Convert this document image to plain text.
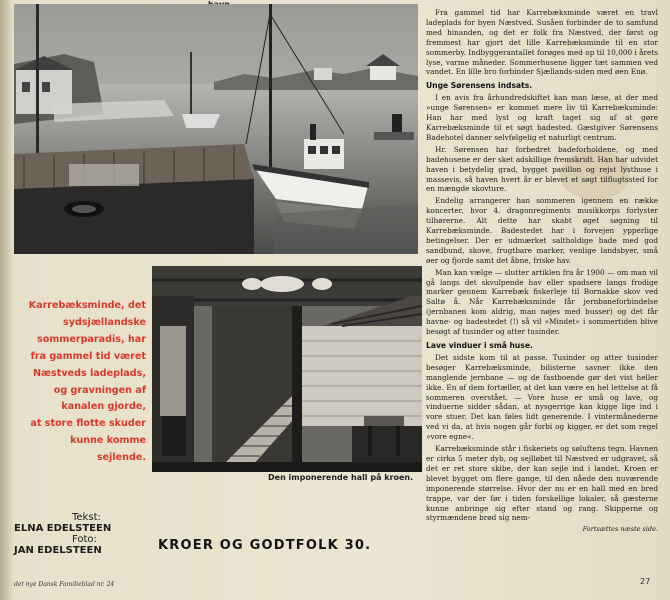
Den imponerende hall på kroen.
Karrebæksminde, det
sydsjællandske
sommerparadis, har
fra gammel tid været
Næstveds ladeplads,
og gravningen af
kanalen gjorde,
at store flotte skuder
kunne komme
sejlende.
Tekst:
ELNA EDELSTEEN
Foto:
JAN EDELSTEEN	KROER OG GODTFOLK 30.
det nye Dansk Familieblad nr. 24	27

Fra gammel tid har Karrebæksminde været en travl ladeplads for byen Næstved. Susåen forbinder de to samfund med hinanden, og det er folk fra Næstved, der først og fremmest har gjort det lille Karrebæksminde til en stor sommerby. Indbyggerantallet forøges med op til 10,000 i årets lyse, varme måneder. Sommerhusene ligger tæt sammen ved vandet. En lille bro forbinder Sjællands-siden med øen Enø.

Unge Sørensens indsats.

I en avis fra århundredskiftet kan man læse, at der med »unge Sørensen« er kommet mere liv til Karrebæksminde: Han har med lyst og kraft taget sig af at gøre Karrebæksminde til et søgt badested. Gæstgiver Sørensens Badehotel danner selvfølgelig et naturligt centrum.

Hr. Sørensen har forbedret badeforholdene, og med badehusene er der sket adskillige fremskridt. Han har udvidet haven i betydelig grad, bygget pavillon og rejst lysthuse i massevis, så haven hvert år er blevet et søgt tilflugtssted for en mængde skovture.

Endelig arrangerer han sommeren igennem en række koncerter, hvor 4. dragonregiments musikkorps forlyster tilhørerne. Alt dette har skabt øget søgning til Karrebæksminde. Badestedet har i forvejen ypperlige betingelser. Der er udmærket saltholdige bade med god sandbund, skove, frugtbare marker, venlige landsbyer, små øer og fjorde samt det åbne, friske hav.

Man kan vælge — slutter artiklen fra år 1900 — om man vil gå langs det skvulpende hav eller spadsere langs frodige marker gennem Karrebæk fiskerleje til Bornakke skov ved Saltø å. Når Karrebæksminde får jernbaneforbindelse (jernbanen kom aldrig, man nøjes med busser) og det får havne- og badestedet (!) så vil »Mindet« i sommertiden blive besøgt af tusinder og atter tusinder.

Lave vinduer i små huse.

Det sidste kom til at passe. Tusinder og atter tusinder besøger Karrebæksminde, bilisterne savner ikke den manglende jernbane — og de fastboende gør det vist heller ikke. En af dem fortæller, at det kan være en hel lettelse at få sommeren overstået. — Vore huse er små og lave, og vinduerne sidder sådan, at nysgerrige kan kigge lige ind i vore stuer. Det kan føles lidt generende. I vintermånederne ved vi da, at hvis nogen går forbi og kigger, er det som regel »vore egne«.

Karrebæksminde står i fiskeriets og søluftens tegn. Havnen er cirka 5 meter dyb, og sejlløbet til Næstved er udgravet, så det er ret store skibe, der kan sejle ind i landet. Kroen er blevet bygget om flere gange, til den nåede den nuværende imponerende størrelse. Hvor der nu er en hall med en bred trappe, var der før i tiden forskellige lokaler, så gæsterne kunne anbringe sig efter stand og rang. Skipperne og styrmændene brød sig nem-

Fortsættes næste side.
